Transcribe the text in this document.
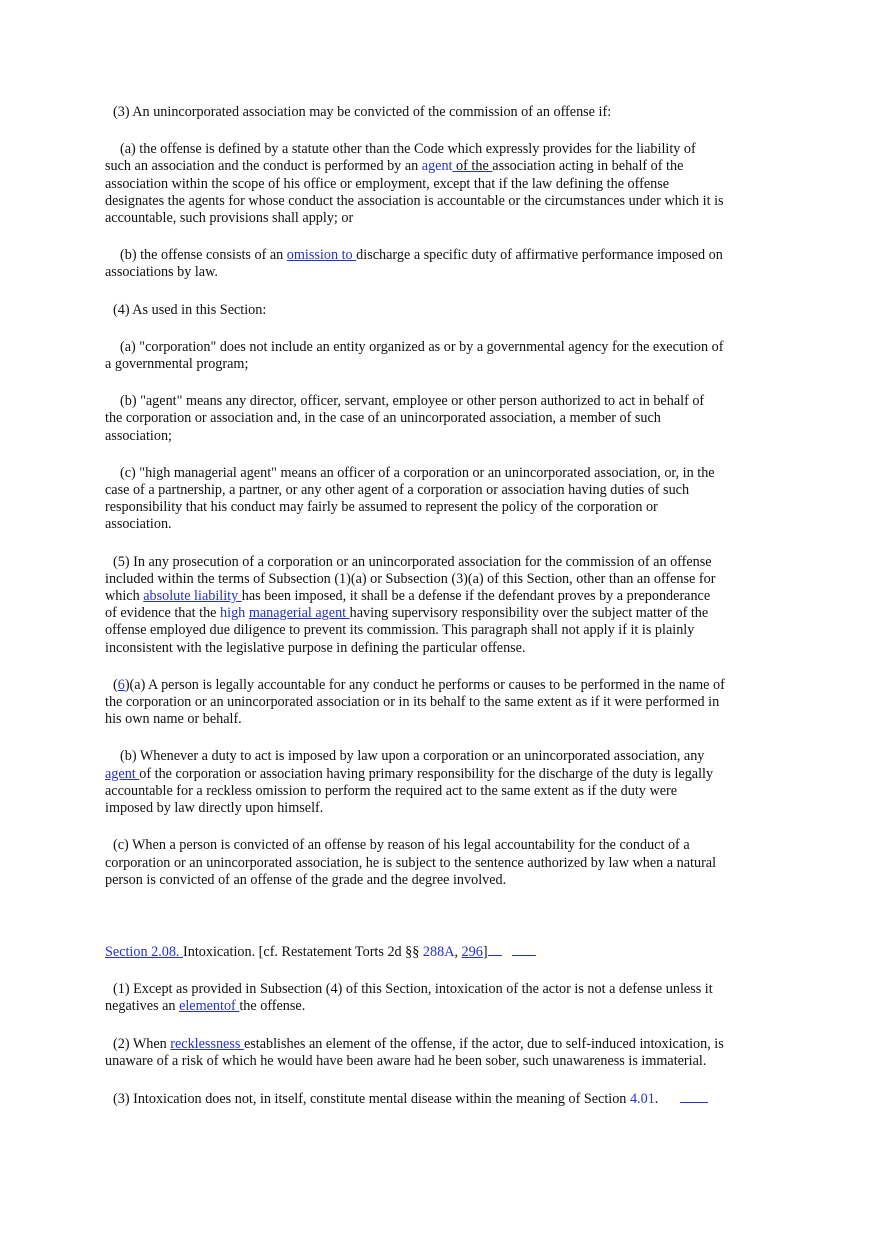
(3) An unincorporated association may be convicted of the commission of an offense if:

(a) the offense is defined by a statute other than the Code which expressly provides for the liability of such an association and the conduct is performed by an agent of the association acting in behalf of the association within the scope of his office or employment, except that if the law defining the offense designates the agents for whose conduct the association is accountable or the circumstances under which it is accountable, such provisions shall apply; or

(b) the offense consists of an omission to discharge a specific duty of affirmative performance imposed on associations by law.

(4) As used in this Section:

(a) "corporation" does not include an entity organized as or by a governmental agency for the execution of a governmental program;

(b) "agent" means any director, officer, servant, employee or other person authorized to act in behalf of the corporation or association and, in the case of an unincorporated association, a member of such association;

(c) "high managerial agent" means an officer of a corporation or an unincorporated association, or, in the case of a partnership, a partner, or any other agent of a corporation or association having duties of such responsibility that his conduct may fairly be assumed to represent the policy of the corporation or association.

(5) In any prosecution of a corporation or an unincorporated association for the commission of an offense included within the terms of Subsection (1)(a) or Subsection (3)(a) of this Section, other than an offense for which absolute liability has been imposed, it shall be a defense if the defendant proves by a preponderance of evidence that the high managerial agent having supervisory responsibility over the subject matter of the offense employed due diligence to prevent its commission. This paragraph shall not apply if it is plainly inconsistent with the legislative purpose in defining the particular offense.

(6)(a) A person is legally accountable for any conduct he performs or causes to be performed in the name of the corporation or an unincorporated association or in its behalf to the same extent as if it were performed in his own name or behalf.

(b) Whenever a duty to act is imposed by law upon a corporation or an unincorporated association, any agent of the corporation or association having primary responsibility for the discharge of the duty is legally accountable for a reckless omission to perform the required act to the same extent as if the duty were imposed by law directly upon himself.

(c) When a person is convicted of an offense by reason of his legal accountability for the conduct of a corporation or an unincorporated association, he is subject to the sentence authorized by law when a natural person is convicted of an offense of the grade and the degree involved.

Section 2.08. Intoxication. [cf. Restatement Torts 2d §§ 288A, 296]

(1) Except as provided in Subsection (4) of this Section, intoxication of the actor is not a defense unless it negatives an elementof the offense.

(2) When recklessness establishes an element of the offense, if the actor, due to self-induced intoxication, is unaware of a risk of which he would have been aware had he been sober, such unawareness is immaterial.

(3) Intoxication does not, in itself, constitute mental disease within the meaning of Section 4.01.
